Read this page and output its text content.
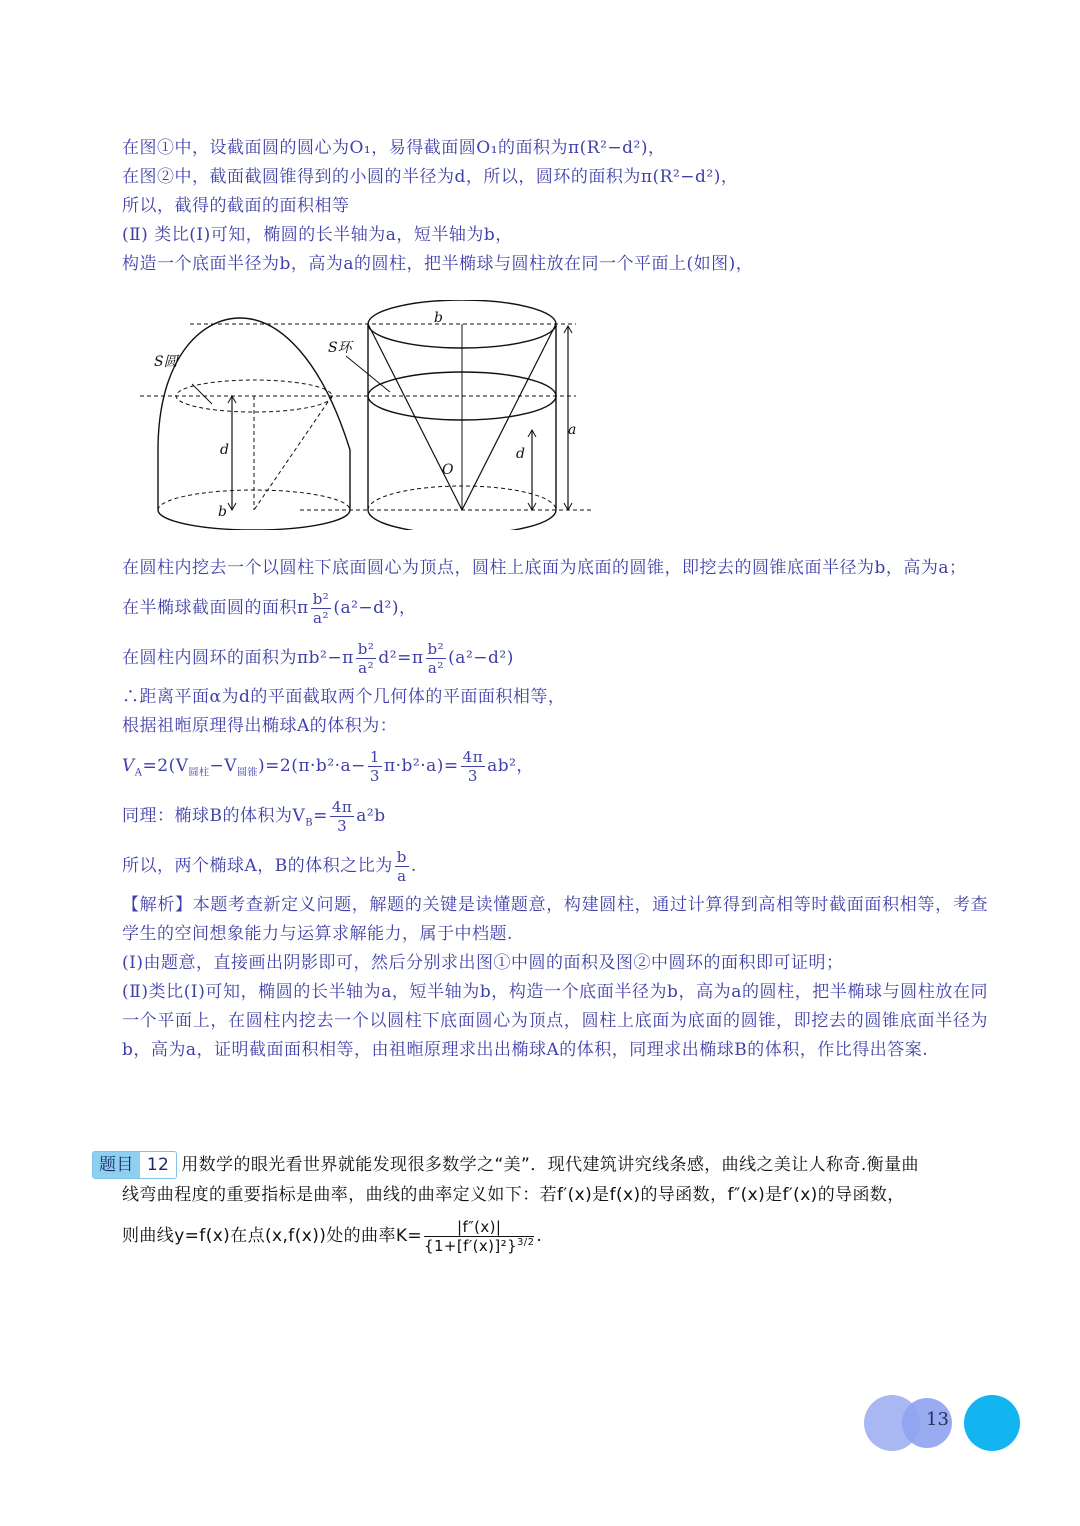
在图①中，设截面圆的圆心为O₁，易得截面圆O₁的面积为π(R²−d²)，
在图②中，截面截圆锥得到的小圆的半径为d，所以，圆环的面积为π(R²−d²)，
所以，截得的截面的面积相等
(Ⅱ) 类比(Ⅰ)可知，椭圆的长半轴为a，短半轴为b，
构造一个底面半径为b，高为a的圆柱，把半椭球与圆柱放在同一个平面上(如图)，
S圆
d
b
S环
b
O
d
a
在圆柱内挖去一个以圆柱下底面圆心为顶点，圆柱上底面为底面的圆锥，即挖去的圆锥底面半径为b，高为a；
在半椭球截面圆的面积π $\frac{\text{b²}}{\text{a²}} (a^2-d^2)$，
在圆柱内圆环的面积为$\pi b^2-\pi \frac{\text{b²}}{\text{a²}} d^2=\pi \frac{\text{b²}}{\text{a²}} (a^2-d^2)$
∴距离平面α为d的平面截取两个几何体的平面面积相等，
根据祖暅原理得出椭球A的体积为：
$V_A=2(V_{圆柱}-V_{圆锥})=2(\pi\cdot b^2\cdot a- \frac{1}{3} \pi\cdot b^2\cdot a)= \frac{4\pi}{3} ab^2$，
同理：椭球B的体积为$V_B= \frac{4\pi}{3} a^2b$
所以，两个椭球A，B的体积之比为 $\frac{b}{a}$ .
【解析】本题考查新定义问题，解题的关键是读懂题意，构建圆柱，通过计算得到高相等时截面面积相等，考查学生的空间想象能力与运算求解能力，属于中档题.
(Ⅰ)由题意，直接画出阴影即可，然后分别求出图①中圆的面积及图②中圆环的面积即可证明；
(Ⅱ)类比(Ⅰ)可知，椭圆的长半轴为a，短半轴为b，构造一个底面半径为b，高为a的圆柱，把半椭球与圆柱放在同一个平面上，在圆柱内挖去一个以圆柱下底面圆心为顶点，圆柱上底面为底面的圆锥，即挖去的圆锥底面半径为b，高为a，证明截面面积相等，由祖暅原理求出出椭球A的体积，同理求出椭球B的体积，作比得出答案.
题目 12 用数学的眼光看世界就能发现很多数学之“美”．现代建筑讲究线条感，曲线之美让人称奇.衡量曲
线弯曲程度的重要指标是曲率，曲线的曲率定义如下：若f′(x)是f(x)的导函数，f″(x)是f′(x)的导函数，
则曲线y=f(x)在点(x,f(x))处的曲率$K= \frac{|f''(x)|}{\{1+[f'(x)]^2\}^{3/2}}$ .
13
